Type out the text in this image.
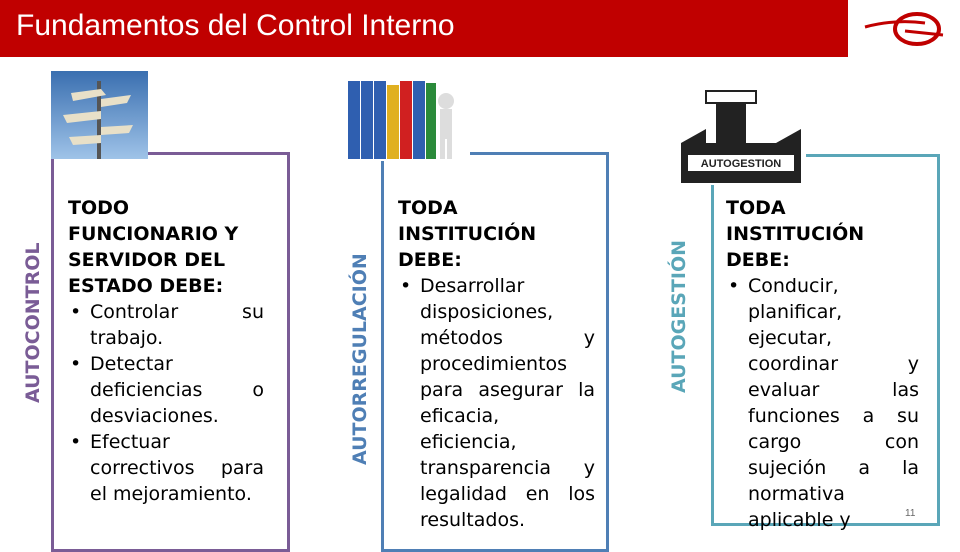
Fundamentos del Control Interno
AUTOCONTROL
TODO FUNCIONARIO Y SERVIDOR DEL ESTADO DEBE:
• Controlar su trabajo.
• Detectar deficiencias o desviaciones.
• Efectuar correctivos para el mejoramiento.
AUTORREGULACIÓN
TODA INSTITUCIÓN DEBE:
• Desarrollar disposiciones, métodos y procedimientos para asegurar la eficacia, eficiencia, transparencia y legalidad en los resultados.
AUTOGESTION
AUTOGESTIÓN
TODA INSTITUCIÓN DEBE:
• Conducir, planificar, ejecutar, coordinar y evaluar las funciones a su cargo con sujeción a la normativa aplicable y	11
